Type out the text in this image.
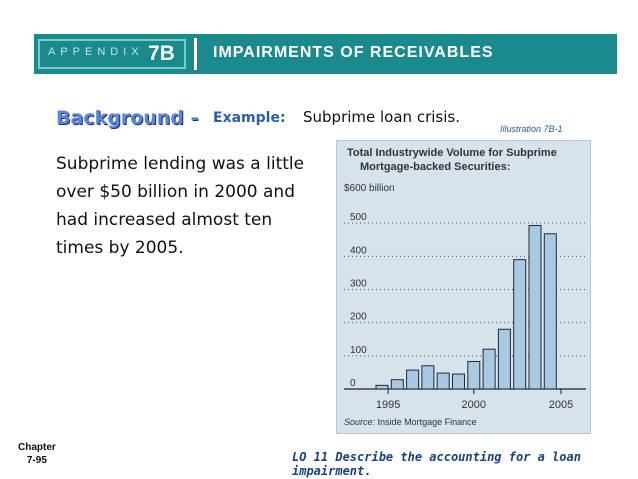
APPENDIX 7B IMPAIRMENTS OF RECEIVABLES
Background - Example: Subprime loan crisis.
Illustration 7B-1
Subprime lending was a little over $50 billion in 2000 and had increased almost ten times by 2005.
Total Industrywide Volume for Subprime
Mortgage-backed Securities:
$600 billion
0
100
200
300
400
500
1995	2000	2005
Source: Inside Mortgage Finance
Chapter
7-95	LO 11 Describe the accounting for a loan impairment.
